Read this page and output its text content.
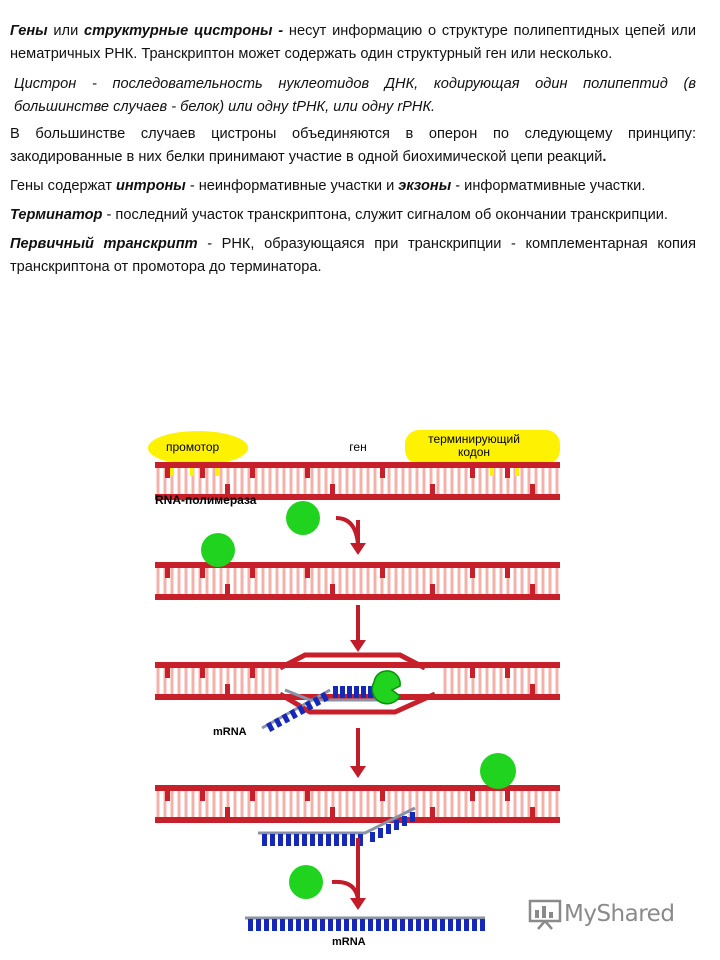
Гены или структурные цистроны - несут информацию о структуре полипептидных цепей или нематричных РНК. Транскриптон может содержать один структурный ген или несколько.

Цистрон - последовательность нуклеотидов ДНК, кодирующая один полипептид (в большинстве случаев - белок) или одну tРНК, или одну rРНК.

В большинстве случаев цистроны объединяются в оперон по следующему принципу: закодированные в них белки принимают участие в одной биохимической цепи реакций.

Гены содержат интроны - неинформативные участки и экзоны - информатмивные участки.

Терминатор - последний участок транскриптона, служит сигналом об окончании транскрипции.

Первичный транскрипт - РНК, образующаяся при транскрипции - комплементарная копия транскриптона от промотора до терминатора.

промотор	ген
терминирующий
кодон
RNA-полимераза
mRNA
mRNA
MyShared
